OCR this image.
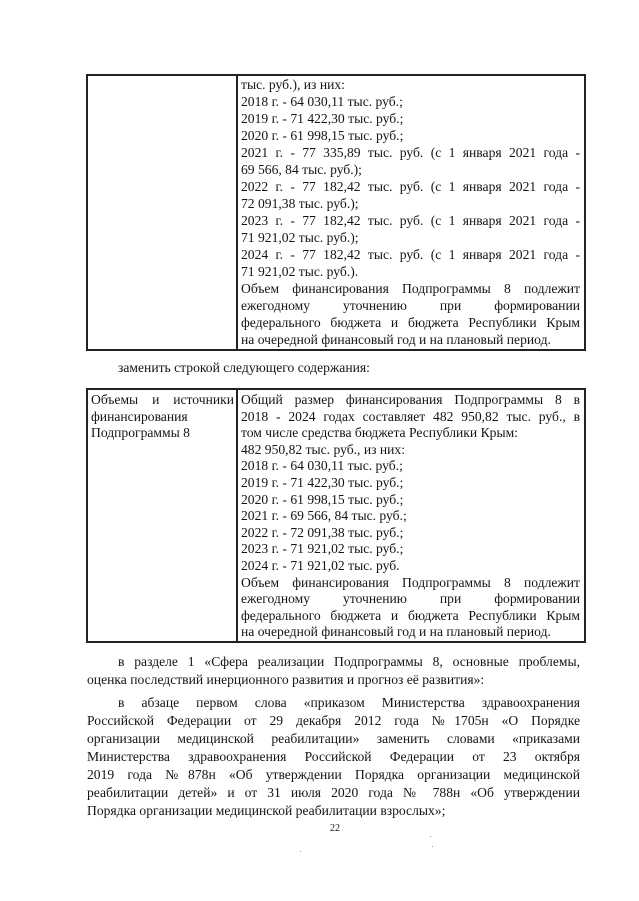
тыс. руб.), из них:
2018 г. - 64 030,11 тыс. руб.;
2019 г. - 71 422,30 тыс. руб.;
2020 г. - 61 998,15 тыс. руб.;
2021 г. - 77 335,89 тыс. руб. (с 1 января 2021 года -
69 566, 84 тыс. руб.);
2022 г. - 77 182,42 тыс. руб. (с 1 января 2021 года -
72 091,38 тыс. руб.);
2023 г. - 77 182,42 тыс. руб. (с 1 января 2021 года -
71 921,02 тыс. руб.);
2024 г. - 77 182,42 тыс. руб. (с 1 января 2021 года -
71 921,02 тыс. руб.).
Объем финансирования Подпрограммы 8 подлежит
ежегодному уточнению при формировании
федерального бюджета и бюджета Республики Крым
на очередной финансовый год и на плановый период.
заменить строкой следующего содержания:
Объемы и источники
финансирования
Подпрограммы 8
Общий размер финансирования Подпрограммы 8 в
2018 - 2024 годах составляет 482 950,82 тыс. руб., в
том числе средства бюджета Республики Крым:
482 950,82 тыс. руб., из них:
2018 г. - 64 030,11 тыс. руб.;
2019 г. - 71 422,30 тыс. руб.;
2020 г. - 61 998,15 тыс. руб.;
2021 г. - 69 566, 84 тыс. руб.;
2022 г. - 72 091,38 тыс. руб.;
2023 г. - 71 921,02 тыс. руб.;
2024 г. - 71 921,02 тыс. руб.
Объем финансирования Подпрограммы 8 подлежит
ежегодному уточнению при формировании
федерального бюджета и бюджета Республики Крым
на очередной финансовый год и на плановый период.
в разделе 1 «Сфера реализации Подпрограммы 8, основные проблемы,
оценка последствий инерционного развития и прогноз её развития»:
в абзаце первом слова «приказом Министерства здравоохранения
Российской Федерации от 29 декабря 2012 года №1705н «О Порядке
организации медицинской реабилитации» заменить словами «приказами
Министерства здравоохранения Российской Федерации от 23 октября
2019 года №878н «Об утверждении Порядка организации медицинской
реабилитации детей» и от 31 июля 2020 года № 788н «Об утверждении
Порядка организации медицинской реабилитации взрослых»;
22
